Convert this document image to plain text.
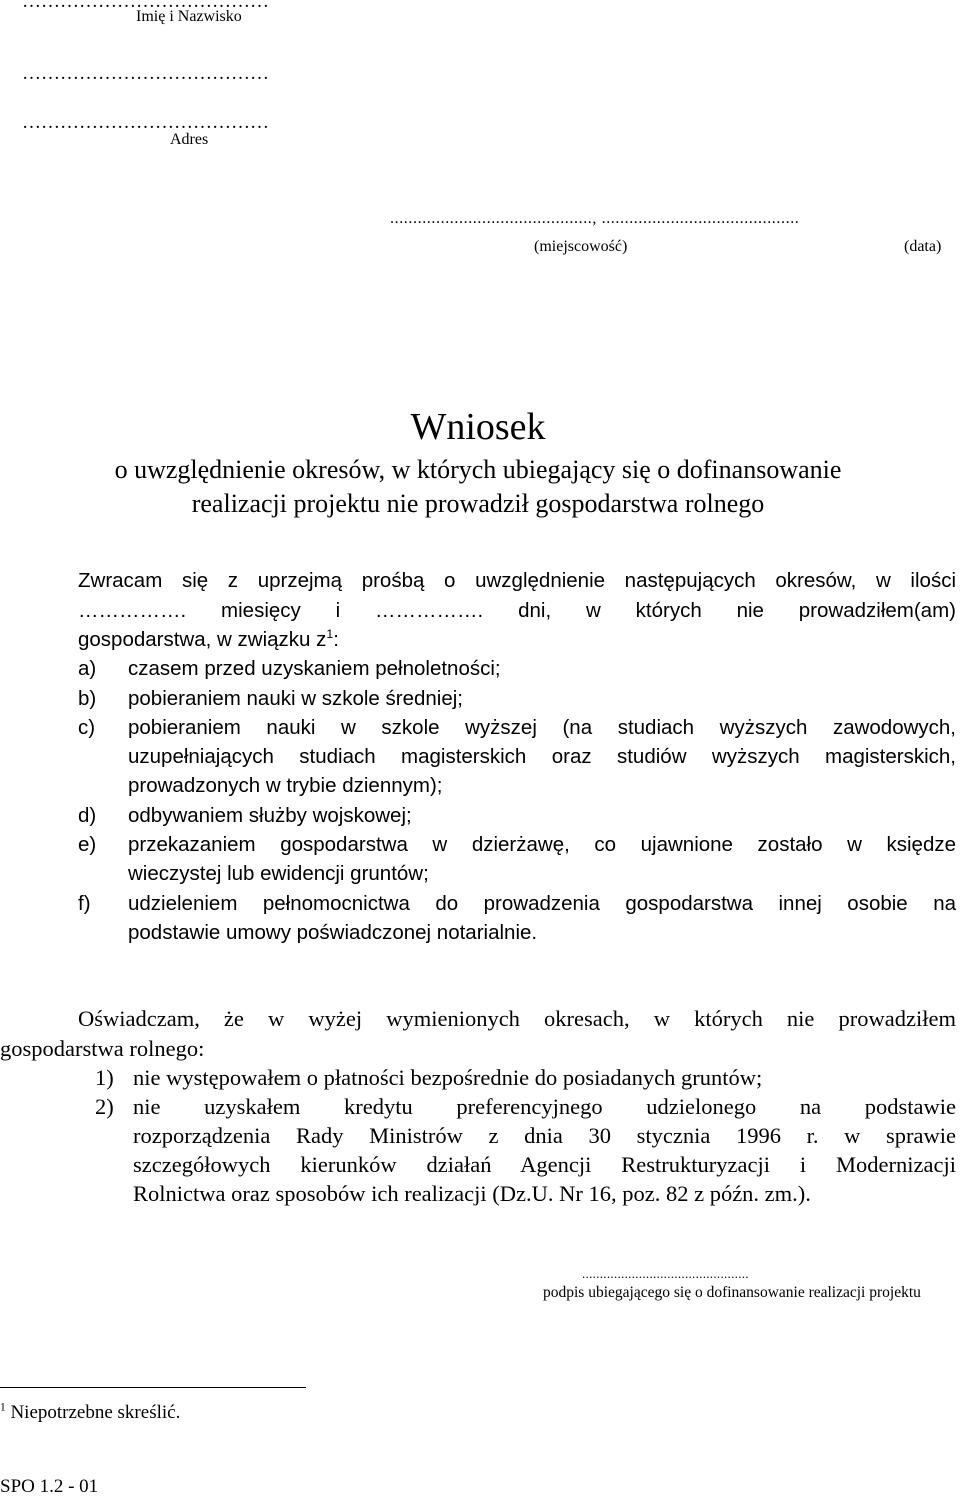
…………………………………
Imię i Nazwisko
…………………………………
…………………………………
Adres
............................................, ...........................................
(miejscowość)	(data)
Wniosek
o uwzględnienie okresów, w których ubiegający się o dofinansowanie
realizacji projektu nie prowadził gospodarstwa rolnego
Zwracam się z uprzejmą prośbą o uwzględnienie następujących okresów, w ilości
……………. miesięcy i ……………. dni, w których nie prowadziłem(am)
gospodarstwa, w związku $z^1$:
a) czasem przed uzyskaniem pełnoletności;
b) pobieraniem nauki w szkole średniej;
c) pobieraniem nauki w szkole wyższej (na studiach wyższych zawodowych,
uzupełniających studiach magisterskich oraz studiów wyższych magisterskich,
prowadzonych w trybie dziennym);
d) odbywaniem służby wojskowej;
e) przekazaniem gospodarstwa w dzierżawę, co ujawnione zostało w księdze
wieczystej lub ewidencji gruntów;
f) udzieleniem pełnomocnictwa do prowadzenia gospodarstwa innej osobie na
podstawie umowy poświadczonej notarialnie.
Oświadczam, że w wyżej wymienionych okresach, w których nie prowadziłem
gospodarstwa rolnego:
1) nie występowałem o płatności bezpośrednie do posiadanych gruntów;
2) nie uzyskałem kredytu preferencyjnego udzielonego na podstawie
rozporządzenia Rady Ministrów z dnia 30 stycznia 1996 r. w sprawie
szczegółowych kierunków działań Agencji Restrukturyzacji i Modernizacji
Rolnictwa oraz sposobów ich realizacji (Dz.U. Nr 16, poz. 82 z późn. zm.).
...............................................
podpis ubiegającego się o dofinansowanie realizacji projektu
$^1$ Niepotrzebne skreślić.
SPO 1.2 - 01
